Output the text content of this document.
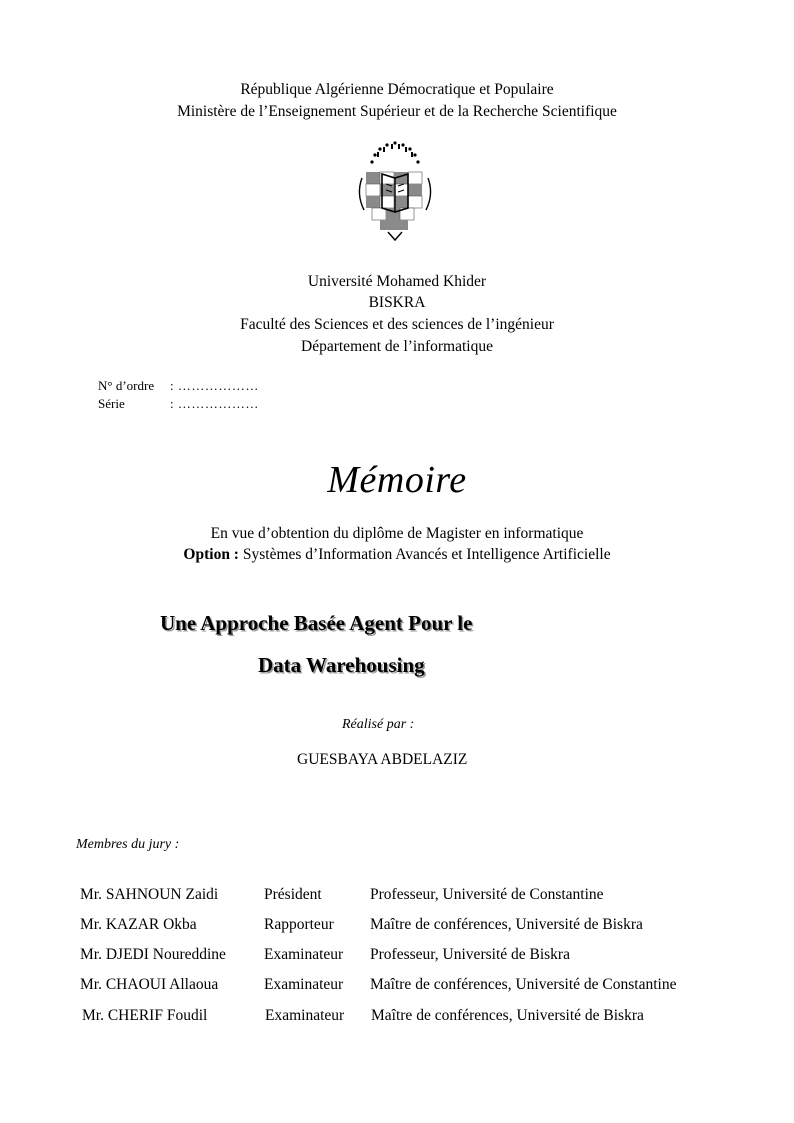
République Algérienne Démocratique et Populaire
Ministère de l’Enseignement Supérieur et de la Recherche Scientifique
Université Mohamed Khider
BISKRA
Faculté des Sciences et des sciences de l’ingénieur
Département de l’informatique
N° d’ordre : ………………
Série	: ………………
Mémoire
En vue d’obtention du diplôme de Magister en informatique
Option : Systèmes d’Information Avancés et Intelligence Artificielle
Une Approche Basée Agent Pour le
Data Warehousing
Réalisé par :
GUESBAYA ABDELAZIZ
Membres du jury :
Mr. SAHNOUN Zaidi	Président	Professeur, Université de Constantine
Mr. KAZAR Okba	Rapporteur Maître de conférences, Université de Biskra
Mr. DJEDI Noureddine Examinateur Professeur, Université de Biskra
Mr. CHAOUI Allaoua	Examinateur Maître de conférences, Université de Constantine
Mr. CHERIF Foudil	Examinateur Maître de conférences, Université de Biskra
